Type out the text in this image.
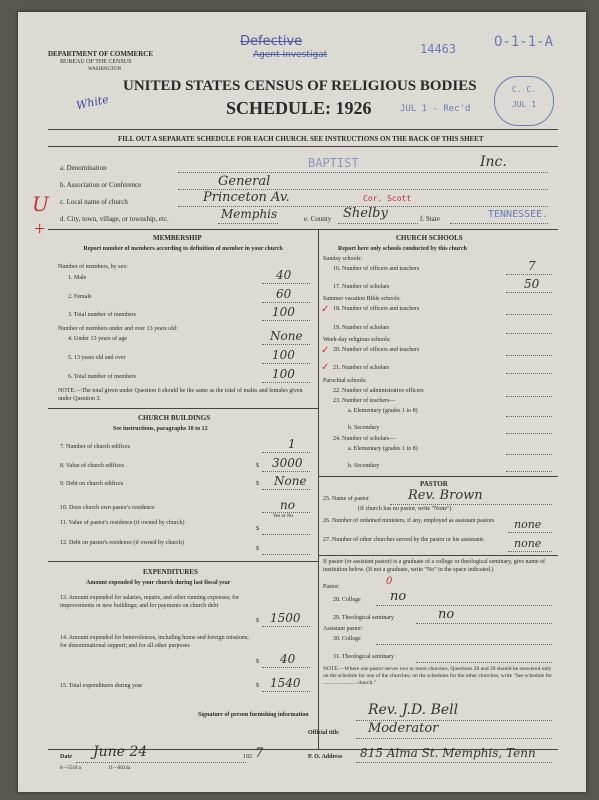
DEPARTMENT OF COMMERCE
BUREAU OF THE CENSUS
WASHINGTON
Defective
Agent Investigat	14463	O-1-1-A
UNITED STATES CENSUS OF RELIGIOUS BODIES
SCHEDULE: 1926
White	JUL 1 - Rec'd
C. C.
JUL 1
FILL OUT A SEPARATE SCHEDULE FOR EACH CHURCH. SEE INSTRUCTIONS ON THE BACK OF THIS SHEET
a. Denomination	BAPTIST	Inc.
b. Association or Conference	General
c. Local name of church	Princeton Av.	Cor. Scott
d. City, town, village, or township, etc.	Memphis	e. County Shelby	f. State	TENNESSEE.
U
+	MEMBERSHIP
Report number of members according to definition of member in your church
Number of members, by sex:
1. Male	40
2. Female	60
3. Total number of members	100
Number of members under and over 13 years old:
4. Under 13 years of age	None
5. 13 years old and over	100
6. Total number of members	100
NOTE.—The total given under Question 6 should be the same as the total of males and females given under Question 3.
CHURCH BUILDINGS
See instructions, paragraphs 10 to 12
7. Number of church edifices	1
8. Value of church edifices	$ 3000
9. Debt on church edifices	$ None
10. Does church own pastor's residence	no
Yes or No
11. Value of pastor's residence (if owned by church)
$
12. Debt on pastor's residence (if owned by church)
$
EXPENDITURES
Amount expended by your church during last fiscal year
13. Amount expended for salaries, repairs, and other running expenses; for improvements or new buildings; and for payments on church debt
$ 1500
14. Amount expended for benevolences, including home and foreign missions; for denominational support; and for all other purposes
$ 40
15. Total expenditures during year	$ 1540
CHURCH SCHOOLS
Report here only schools conducted by this church
Sunday schools:
16. Number of officers and teachers	7
17. Number of scholars	50
Summer vacation Bible schools:
18. Number of officers and teachers
19. Number of scholars
Week-day religious schools:
20. Number of officers and teachers
21. Number of scholars
Parochial schools:
22. Number of administrative officers
23. Number of teachers—
a. Elementary (grades 1 to 8)
b. Secondary
24. Number of scholars—
a. Elementary (grades 1 to 8)
b. Secondary
✓
✓
✓
PASTOR
25. Name of pastor	Rev. Brown
(If church has no pastor, write "None")
26. Number of ordained ministers, if any, employed as assistant pastors	none
27. Number of other churches served by the pastor or his assistants	none
If pastor (or assistant pastor) is a graduate of a college or theological seminary, give name of institution below. (If not a graduate, write "No" in the space indicated.)
Pastor:	0
28. College no
29. Theological seminary	no
Assistant pastor:
30. College
31. Theological seminary
NOTE.—Where one pastor serves two or more churches, Questions 28 and 29 should be answered only on the schedule for one of the churches; on the schedules for the other churches, write "See schedule for ........................ church."
Signature of person furnishing information	Rev. J.D. Bell
Official title Moderator
Date June 24	192 7	P. O. Address 815 Alma St. Memphis, Tenn
8—5518 a	11—8024a
